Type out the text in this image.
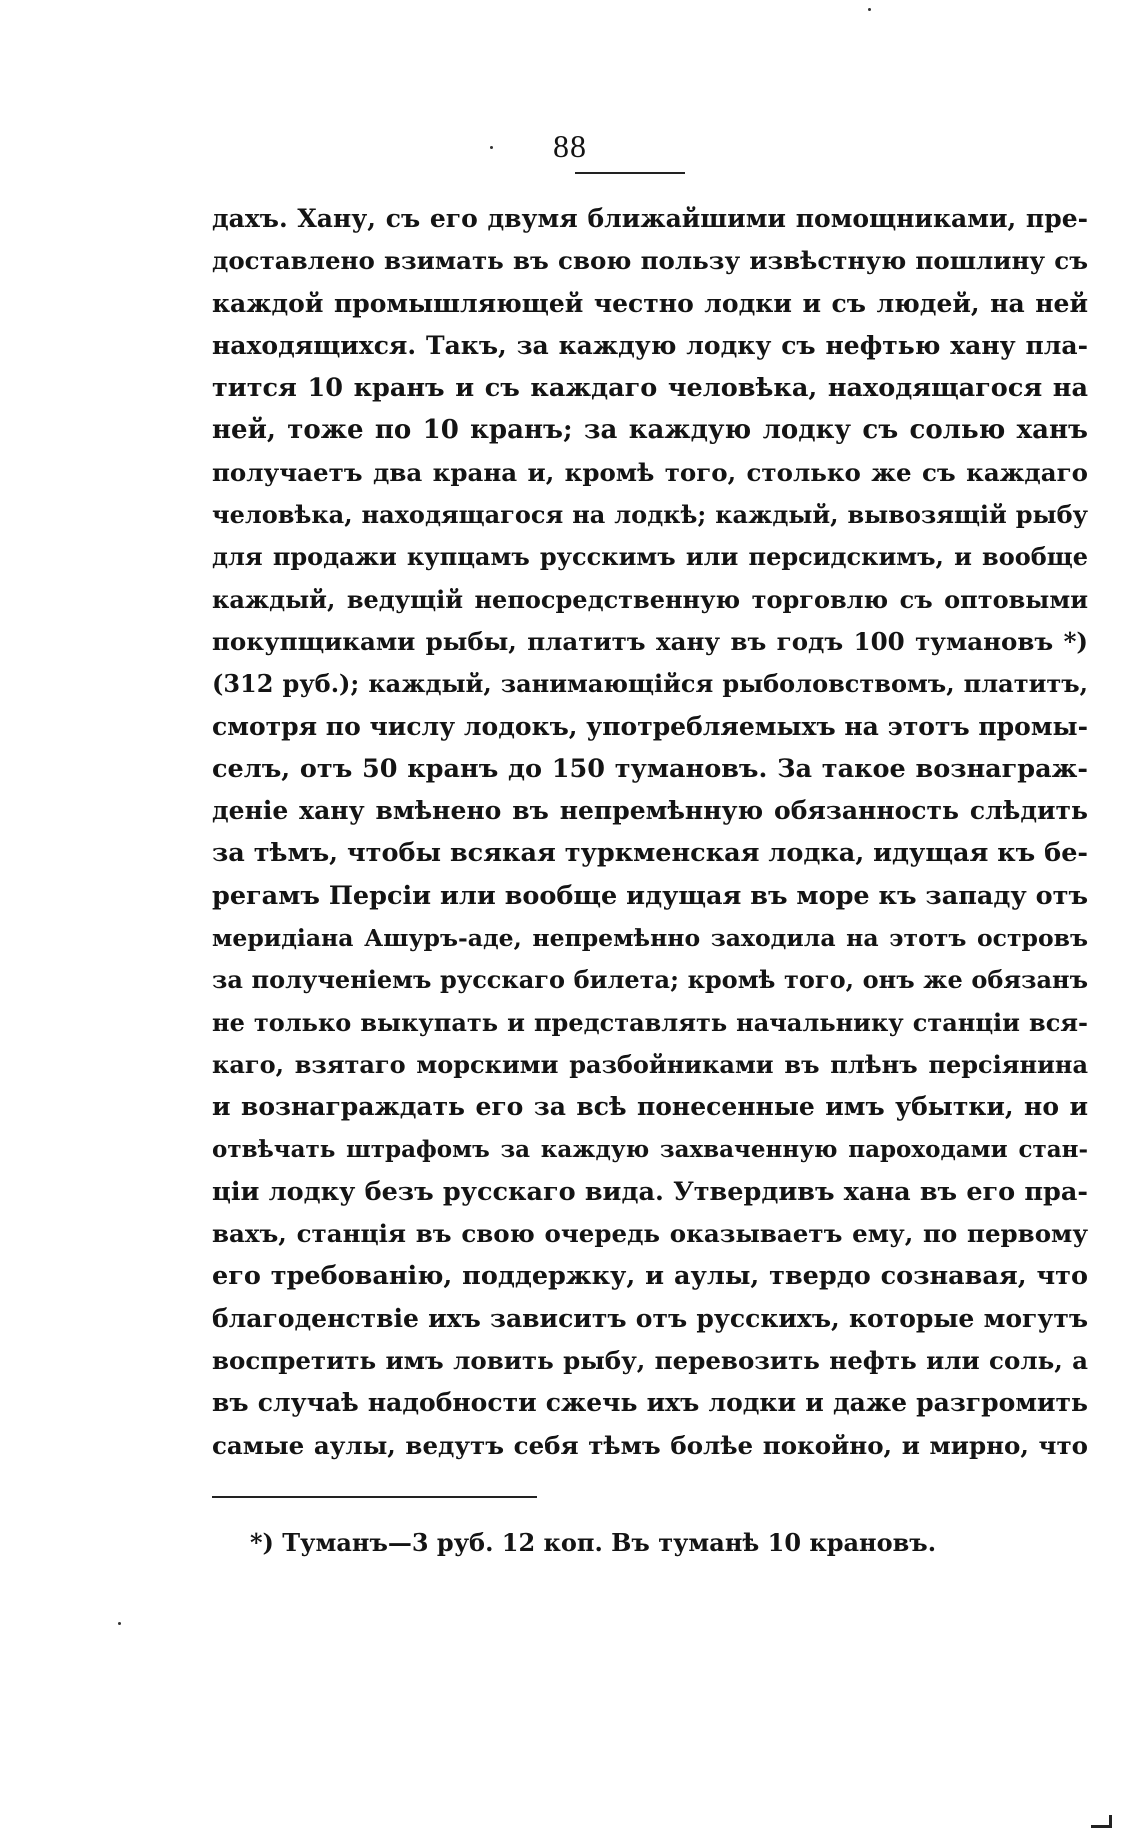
88
дахъ. Хану, съ его двумя ближайшими помощниками, пре-
доставлено взимать въ свою пользу извѣстную пошлину съ
каждой промышляющей честно лодки и съ людей, на ней
находящихся. Такъ, за каждую лодку съ нефтью хану пла-
тится 10 кранъ и съ каждаго человѣка, находящагося на
ней, тоже по 10 кранъ; за каждую лодку съ солью ханъ
получаетъ два крана и, кромѣ того, столько же съ каждаго
человѣка, находящагося на лодкѣ; каждый, вывозящій рыбу
для продажи купцамъ русскимъ или персидскимъ, и вообще
каждый, ведущій непосредственную торговлю съ оптовыми
покупщиками рыбы, платитъ хану въ годъ 100 тумановъ *)
(312 руб.); каждый, занимающійся рыболовствомъ, платитъ,
смотря по числу лодокъ, употребляемыхъ на этотъ промы-
селъ, отъ 50 кранъ до 150 тумановъ. За такое вознаграж-
деніе хану вмѣнено въ непремѣнную обязанность слѣдить
за тѣмъ, чтобы всякая туркменская лодка, идущая къ бе-
регамъ Персіи или вообще идущая въ море къ западу отъ
меридіана Ашуръ-аде, непремѣнно заходила на этотъ островъ
за полученіемъ русскаго билета; кромѣ того, онъ же обязанъ
не только выкупать и представлять начальнику станціи вся-
каго, взятаго морскими разбойниками въ плѣнъ персіянина
и вознаграждать его за всѣ понесенные имъ убытки, но и
отвѣчать штрафомъ за каждую захваченную пароходами стан-
ціи лодку безъ русскаго вида. Утвердивъ хана въ его пра-
вахъ, станція въ свою очередь оказываетъ ему, по первому
его требованію, поддержку, и аулы, твердо сознавая, что
благоденствіе ихъ зависитъ отъ русскихъ, которые могутъ
воспретить имъ ловить рыбу, перевозить нефть или соль, а
въ случаѣ надобности сжечь ихъ лодки и даже разгромить
самые аулы, ведутъ себя тѣмъ болѣе покойно, и мирно, что
*) Туманъ—3 руб. 12 коп. Въ туманѣ 10 крановъ.
